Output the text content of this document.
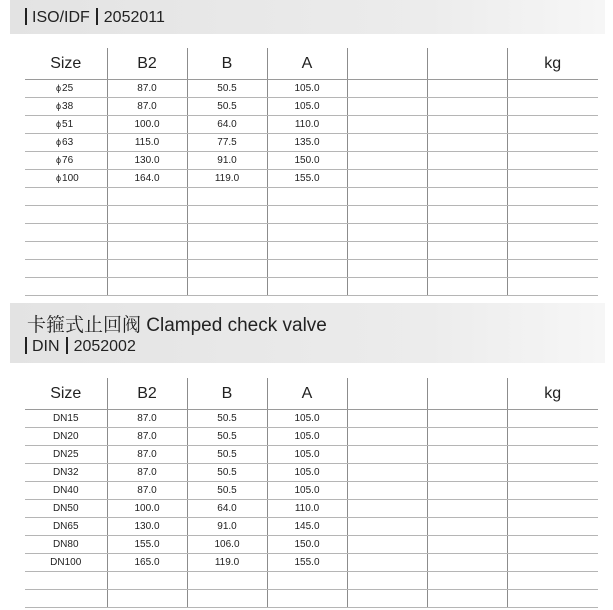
ISO/IDF 2052011
Size	B2	B	A			kg
ϕ25	87.0	50.5	105.0			
ϕ38	87.0	50.5	105.0			
ϕ51	100.0	64.0	110.0			
ϕ63	115.0	77.5	135.0			
ϕ76	130.0	91.0	150.0			
ϕ100	164.0	119.0	155.0			

卡箍式止回阀 Clamped check valve
DIN 2052002
Size	B2	B	A			kg
DN15	87.0	50.5	105.0			
DN20	87.0	50.5	105.0			
DN25	87.0	50.5	105.0			
DN32	87.0	50.5	105.0			
DN40	87.0	50.5	105.0			
DN50	100.0	64.0	110.0			
DN65	130.0	91.0	145.0			
DN80	155.0	106.0	150.0			
DN100	165.0	119.0	155.0			
